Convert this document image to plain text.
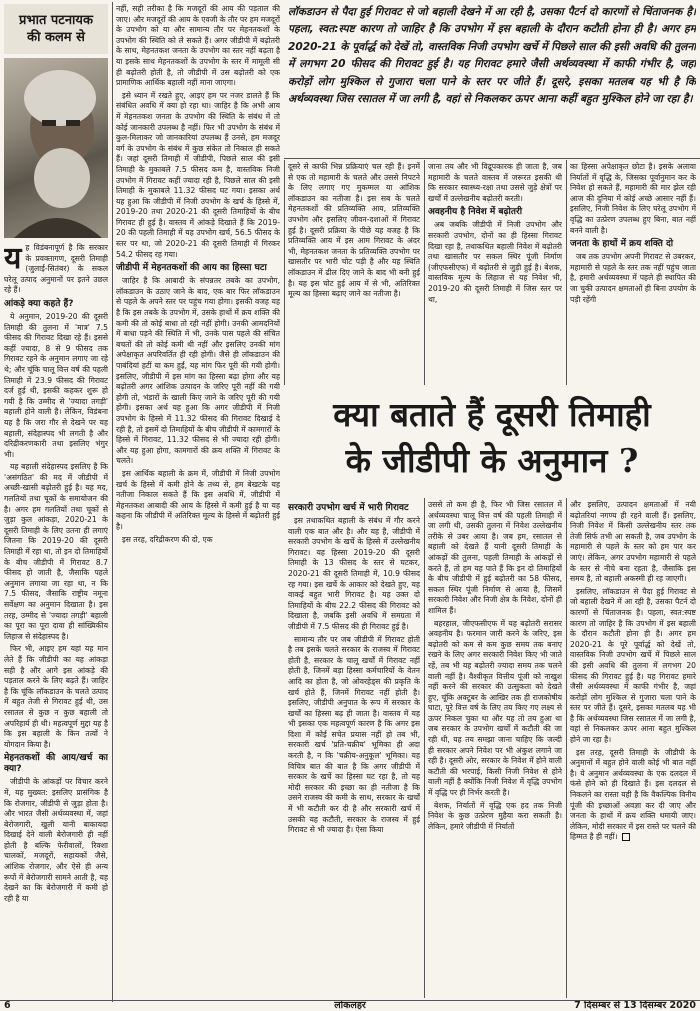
प्रभात पटनायक
की कलम से

यह विडंबनापूर्ण है कि सरकार के प्रवक्तागण, दूसरी तिमाही (जुलाई-सितंबर) के सकल घरेलू उत्पाद अनुमानों पर इतने उछल रहे हैं।

आंकड़े क्या कहते हैं?

ये अनुमान, 2019-20 की दूसरी तिमाही की तुलना में 'मात्र' 7.5 फीसद की गिरावट दिखा रहे हैं। इससे कहीं ज्यादा, 8 से 9 फीसद तक गिरावट रहने के अनुमान लगाए जा रहे थे; और चूंकि चालू वित्त वर्ष की पहली तिमाही में 23.9 फीसद की गिरावट दर्ज हुई थी, इसकी कहकर शुरू हो गयी है कि उम्मीद से 'ज्यादा तगड़ी' बहाली होने वाली है। लेकिन, विडंबना यह है कि जरा गौर से देखने पर यह बहाली, संदेहास्पद भी लगती है और दरिद्रीकरणकारी तथा इसलिए भंगुर भी।

यह बहाली संदेहास्पद इसलिए है कि 'असंगठित' की मद में जीडीपी में अच्छी-खासी बढ़ोतरी हुई है। यह मद, गलतियों तथा चूकों के समायोजन की है। अगर हम गलतियों तथा चूकों से जुड़ा कुल आंकड़ा, 2020-21 के दूसरी तिमाही के लिए उतना ही लगाएं जितना कि 2019-20 की दूसरी तिमाही में रहा था, तो इन दो तिमाहियों के बीच जीडीपी में गिरावट 8.7 फीसद हो जाती है, जैसाकि पहले अनुमान लगाया जा रहा था, न कि 7.5 फीसद, जैसाकि राष्ट्रीय नमूना सर्वेक्षण का अनुमान दिखाता है। इस तरह, उम्मीद से 'ज्यादा तगड़ी' बहाली का पूरा का पूरा दावा ही सांख्यिकीय लिहाज से संदेहास्पद है।

फिर भी, आइए हम यहां यह मान लेते हैं कि जीडीपी का यह आंकड़ा सही है और आगे इस आंकड़े की पड़ताल करने के लिए बढ़ते हैं। जाहिर है कि चूंकि लॉकडाउन के चलते उत्पाद में बहुत तेजी से गिरावट हुई थी, उस रसातल से कुछ न कुछ बहाली तो अपरिहार्य ही थी। महत्वपूर्ण मुद्दा यह है कि इस बहाली के किन तत्वों ने योगदान किया है।

मेहनतकशों की आय/खर्च का क्या?

जीडीपी के आंकड़ों पर विचार करने में, यह मुख्यत: इसलिए प्रासंगिक है कि रोजगार, जीडीपी से जुड़ा होता है। और भारत जैसी अर्थव्यवस्था में, जहां बेरोजगारी, खुली यानी बाकायदा दिखाई देने वाली बेरोजगारी ही नहीं होती है बल्कि फेरीवालों, रिक्शा चालकों, मजदूरों, सहायकों जैसे, आंशिक रोजगार, और ऐसे ही अन्य रूपों में बेरोजगारी सामने आती है, यह देखने का कि बेरोजगारी में कमी हो रही है या

नहीं, सही तरीका है कि मजदूरों की आय की पड़ताल की जाए। और मजदूरों की आय के एवजी के तौर पर हम मजदूरों के उपभोग को या और सामान्य तौर पर मेहनतकशों के उपभोग की स्थिति को ले सकते हैं। अगर जीडीपी में बढ़ोतरी के साथ, मेहनतकश जनता के उपभोग का स्तर नहीं बढ़ता है या इसके साथ मेहनतकशों के उपभोग के स्तर में मामूली सी ही बढ़ोतरी होती है, तो जीडीपी में उस बढ़ोतरी को एक प्रामाणिक आर्थिक बहाली नहीं माना जाएगा।

इसे ध्यान में रखते हुए, आइए हम पर नजर डालते हैं कि संबंधित अवधि में क्या हो रहा था। जाहिर है कि अभी आय में मेहनतकश जनता के उपभोग की स्थिति के संबंध में तो कोई जानकारी उपलब्ध है नहीं। फिर भी उपभोग के संबंध में कुल-मिलाकर जो जानकारियां उपलब्ध हैं उनसे, हम मजदूर वर्ग के उपभोग के संबंध में कुछ संकेत तो निकाल ही सकते हैं। जहां दूसरी तिमाही में जीडीपी, पिछले साल की इसी तिमाही के मुकाबले 7.5 फीसद कम है, वास्तविक निजी उपभोग में गिरावट कहीं ज्यादा रही है, पिछले साल की इसी तिमाही के मुकाबले 11.32 फीसद घट गया। इसका अर्थ यह हुआ कि जीडीपी में निजी उपभोग के खर्च के हिस्से में, 2019-20 तथा 2020-21 की दूसरी तिमाहियों के बीच गिरावट ही हुई है। वास्तव में आंकड़े दिखाते हैं कि 2019-20 की पहली तिमाही में यह उपभोग खर्च, 56.5 फीसद के स्तर पर था, जो 2020-21 की दूसरी तिमाही में गिरकर 54.2 फीसद रह गया।

जीडीपी में मेहनतकशों की आय का हिस्सा घटा

जाहिर है कि आबादी के संपन्नतर तबके का उपभोग, लॉकडाउन के उठाए जाने के बाद, एक बार फिर लॉकडाउन से पहले के अपने स्तर पर पहुंच गया होगा। इसकी वजह यह है कि इस तबके के उपभोग में, उसके हाथों में क्रय शक्ति की कमी की तो कोई बाधा तो रही नहीं होगी। उनकी आमदनियों में बाधा पड़ने की स्थिति में भी, उनके पास पहले की संचित बचतों की तो कोई कमी थी नहीं और इसलिए उनकी मांग अपेक्षाकृत अपरिवर्तित ही रही होगी। जैसे ही लॉकडाउन की पाबंदियां हटीं या कम हुईं, यह मांग फिर पूरी की गयी होगी। इसलिए, जीडीपी में इस मांग का हिस्सा बढ़ा होगा और यह बढ़ोतरी अगर आंशिक उत्पादन के जरिए पूरी नहीं की गयी होगी तो, भंडारों के खाली किए जाने के जरिए पूरी की गयी होगी। इसका अर्थ यह हुआ कि अगर जीडीपी में निजी उपभोग के हिस्से में 11.32 फीसद की गिरावट दिखाई दे रही है, तो इसमें दो तिमाहियों के बीच जीडीपी में कामगारों के हिस्से में गिरावट, 11.32 फीसद से भी ज्यादा रही होगी। और यह हुआ होगा, कामगारों की क्रय शक्ति में गिरावट के चलते।

इस आर्थिक बहाली के क्रम में, जीडीपी में निजी उपभोग खर्च के हिस्से में कमी होने के तथ्य से, हम बेखटके यह नतीजा निकाल सकते हैं कि इस अवधि में, जीडीपी में मेहनतकश आबादी की आय के हिस्से में कमी हुई है या यह कहना कि जीडीपी में अतिरिक्त मूल्य के हिस्से में बढ़ोतरी हुई है।

इस तरह, दरिद्रीकरण की दो, एक

लॉकडाउन से पैदा हुई गिरावट से जो बहाली देखने में आ रही है, उसका पैटर्न दो कारणों से चिंताजनक है। पहला, स्वत:स्पष्ट कारण तो जाहिर है कि उपभोग में इस बहाली के दौरान कटौती होना ही है। अगर हम 2020-21 के पूर्वार्द्ध को देखें तो, वास्तविक निजी उपभोग खर्चे में पिछले साल की इसी अवधि की तुलना में लगभग 20 फीसद की गिरावट हुई है। यह गिरावट हमारे जैसी अर्थव्यवस्था में काफी गंभीर है, जहां करोड़ों लोग मुश्किल से गुजारा चला पाने के स्तर पर जीते हैं। दूसरे, इसका मतलब यह भी है कि अर्थव्यवस्था जिस रसातल में जा लगी है, वहां से निकलकर ऊपर आना कहीं बहुत मुश्किल होने जा रहा है।

दूसरे से काफी भिन्न प्रक्रियाएं चल रही हैं। इनमें से एक तो महामारी के चलते और उससे निपटने के लिए लगाए गए मुकम्मल या आंशिक लॉकडाउन का नतीजा है। इस सब के चलते मेहनतकशों की प्रतिव्यक्ति आय, प्रतिव्यक्ति उपभोग और इसलिए जीवन-दशाओं में गिरावट हुई है। दूसरी प्रक्रिया के पीछे यह वजह है कि प्रतिव्यक्ति आय में इस आम गिरावट के अंदर भी, मेहनतकश जनता के प्रतिव्यक्ति उपभोग पर खासतौर पर भारी चोट पड़ी है और यह स्थिति लॉकडाउन में ढील दिए जाने के बाद भी बनी हुई है। यह इस चोट हुई आय में से भी, अतिरिक्त मूल्य का हिस्सा बढ़ाए जाने का नतीजा है।

जाना तय और भी विद्रूपकारक ही जाता है, जब महामारी के चलते वास्तव में जरूरत इसकी थी कि सरकार स्वास्थ्य-रक्षा तथा उससे जुड़े क्षेत्रों पर खर्चों में उल्लेखनीय बढ़ोतरी करती।

अवहनीय है निवेश में बढ़ोतरी

अब जबकि जीडीपी में निजी उपभोग और सरकारी उपभोग, दोनों का ही हिस्सा गिरावट दिखा रहा है, तथाकथित बहाली निवेश में बढ़ोतरी तथा खासतौर पर सकल स्थिर पूंजी निर्माण (जीएफसीएफ) में बढ़ोतरी से जुड़ी हुई है। बेशक, वास्तविक मूल्य के लिहाज से यह निवेश भी, 2019-20 की दूसरी तिमाही में जिस स्तर पर था,

का हिस्सा अपेक्षाकृत छोटा है। इसके अलावा निर्यातों में वृद्धि के, जिसका पूर्वानुमान कर के निवेश हो सकते हैं, महामारी की मार झेल रही आज की दुनिया में कोई अच्छे आसार नहीं हैं। इसलिए, निजी निवेश के लिए घरेलू उपभोग में वृद्धि का उत्प्रेरण उपलब्ध हुए बिना, बात नहीं बनने वाली है।

जनता के हाथों में क्रय शक्ति दो

जब तक उपभोग अपनी गिरावट से उबरकर, महामारी से पहले के स्तर तक नहीं पहुंच जाता है, हमारी अर्थव्यवस्था में पहले ही स्थापित की जा चुकी उत्पादन क्षमताओं ही बिना उपयोग के पड़ी रहेंगी

क्या बताते हैं दूसरी तिमाही
के जीडीपी के अनुमान ?
सरकारी उपभोग खर्च में भारी गिरावट

इस तथाकथित बहाली के संबंध में गौर करने वाली एक बात और है। और यह है, जीडीपी में सरकारी उपभोग के खर्चे के हिस्से में उल्लेखनीय गिरावट। यह हिस्सा 2019-20 की दूसरी तिमाही के 13 फीसद के स्तर से घटकर, 2020-21 की दूसरी तिमाही में, 10.9 फीसद रह गया। इस खर्चे के आकार को देखते हुए, यह वाकई बहुत भारी गिरावट है। यह उक्त दो तिमाहियों के बीच 22.2 फीसद की गिरावट को दिखाता है, जबकि इसी अवधि में समग्रता में जीडीपी में 7.5 फीसद की ही गिरावट हुई है।

सामान्य तौर पर जब जीडीपी में गिरावट होती है तब इसके चलते सरकार के राजस्व में गिरावट होती है, सरकार के चालू खर्चों में गिरावट नहीं होती है, जिनमें बड़ा हिस्सा कर्मचारियों के वेतन आदि का होता है, जो ओवरहेड्स की प्रकृति के खर्च होते हैं, जिनमें गिरावट नहीं होती है। इसलिए, जीडीपी अनुपात के रूप में सरकार के खर्चों का हिस्सा बढ़ ही जाता है। वास्तव में यह भी इसका एक महत्वपूर्ण कारण है कि अगर इस दिशा में कोई सचेत प्रयास नहीं हो तब भी, सरकारी खर्च 'प्रति-चक्रीय' भूमिका ही अदा करती है, न कि 'चक्रीय-अनुकूल' भूमिका। यह विचित्र बात की बात है कि अगर जीडीपी में सरकार के खर्चे का हिस्सा घट रहा है, तो यह मोदी सरकार की इच्छा का ही नतीजा है कि उसने राजस्व की कमी के साथ, सरकार के खर्चों में भी कटौती कर दी है और सरकारी खर्च में उसकी यह कटौती, सरकार के राजस्व में हुई गिरावट से भी ज्यादा है। ऐसा किया

उससे तो कम ही है, फिर भी जिस रसातल में अर्थव्यवस्था चालू वित्त वर्ष की पहली तिमाही में जा लगी थी, उसकी तुलना में निवेश उल्लेखनीय तरीके से उबर आया है। जब हम, रसातल से बहाली को देखते हैं यानी दूसरी तिमाही के आंकड़ों की तुलना, पहली तिमाही के आंकड़ों से करते हैं, तो हम यह पाते हैं कि इन दो तिमाहियों के बीच जीडीपी में हुई बढ़ोतरी का 58 फीसद, सकल स्थिर पूंजी निर्माण से आया है, जिसमें सरकारी निवेश और निजी क्षेत्र के निवेश, दोनों ही शामिल हैं।

बहरहाल, जीएफसीएफ में यह बढ़ोतरी सरासर अवहनीय है। फरमान जारी करने के जरिए, इस बढ़ोतरी को कम से कम कुछ समय तक बनाए रखने के लिए अगर सरकारी निवेश किए भी जाते रहें, तब भी यह बढ़ोतरी ज्यादा समय तक चलने वाली नहीं है। वैश्वीकृत वित्तीय पूंजी को नाखुश नहीं करने की सरकार की उत्सुकता को देखते हुए, चूंकि अक्टूबर के आखिर तक ही राजकोषीय घाटा, पूरे वित्त वर्ष के लिए तय किए गए लक्ष्य से ऊपर निकल चुका था और यह तो तय हुआ था जब सरकार के उपभोग खर्चों में कटौती की जा रही थी, यह तय समझा जाना चाहिए कि जल्दी ही सरकार अपने निवेश पर भी अंकुश लगाने जा रही है। दूसरी ओर, सरकार के निवेश में होने वाली कटौती की भरपाई, किसी निजी निवेश से होने वाली नहीं है क्योंकि निजी निवेश में वृद्धि उपभोग में वृद्धि पर ही निर्भर करती है।

बेशक, निर्यातों में वृद्धि एक हद तक निजी निवेश के कुछ उत्प्रेरण मुहैया करा सकती है। लेकिन, हमारे जीडीपी में निर्यातों

और इसलिए, उत्पादन क्षमताओं में नयी बढ़ोतरियां नगण्य ही रहने वाली हैं। इसलिए, निजी निवेश में किसी उल्लेखनीय स्तर तक तेजी सिर्फ तभी आ सकती है, जब उपभोग के महामारी से पहले के स्तर को हम पार कर जाएं। लेकिन, अगर उपभोग महामारी से पहले के स्तर से नीचे बना रहता है, जैसाकि इस समय है, तो बहाली अकस्मी ही रह जाएगी।

इसलिए, लॉकडाउन से पैदा हुई गिरावट से जो बहाली देखने में आ रही है, उसका पैटर्न दो कारणों से चिंताजनक है। पहला, स्वत:स्पष्ट कारण तो जाहिर है कि उपभोग में इस बहाली के दौरान कटौती होना ही है। अगर हम 2020-21 के पूरे पूर्वार्द्ध को देखें तो, वास्तविक निजी उपभोग खर्चे में पिछले साल की इसी अवधि की तुलना में लगभग 20 फीसद की गिरावट हुई है। यह गिरावट हमारे जैसी अर्थव्यवस्था में काफी गंभीर है, जहां करोड़ों लोग मुश्किल से गुजारा चला पाने के स्तर पर जीते हैं। दूसरे, इसका मतलब यह भी है कि अर्थव्यवस्था जिस रसातल में जा लगी है, वहां से निकलकर ऊपर आना बहुत मुश्किल होने जा रहा है।

इस तरह, दूसरी तिमाही के जीडीपी के अनुमानों में बहुत होने वाली कोई भी बात नहीं है। ये अनुमान अर्थव्यवस्था के एक दलदल में फंसे होने को ही दिखाते हैं। इस दलदल से निकलने का रास्ता यही है कि वैकल्पिक विनीय पूंजी की इच्छाओं अवज्ञा कर दी जाए और जनता के हाथों में क्रय शक्ति थमायी जाए। लेकिन, मोदी सरकार में इस रास्ते पर चलने की हिम्मत है ही नहीं।

6	लोकलहर	7 दिसम्बर से 13 दिसम्बर 2020
